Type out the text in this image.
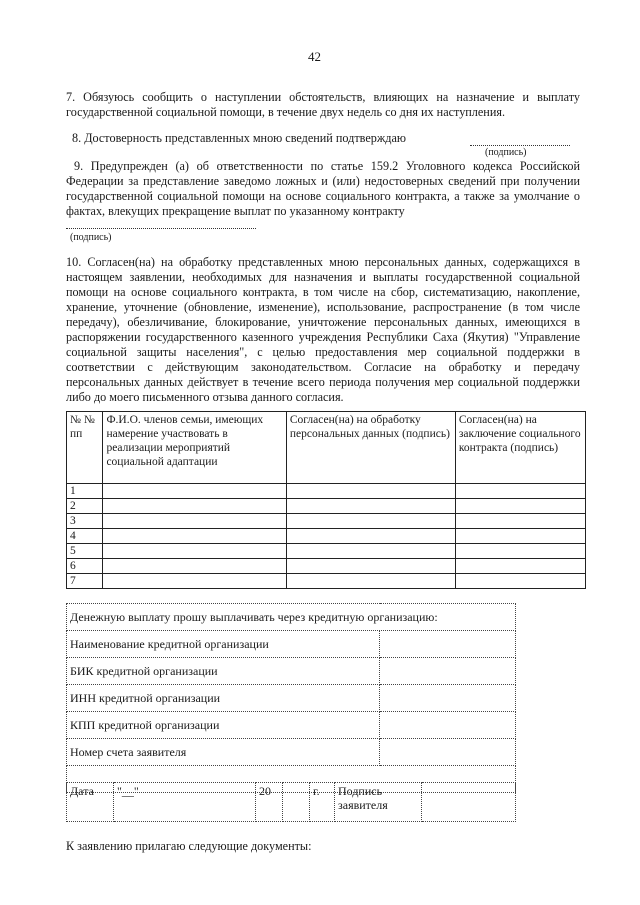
42

7. Обязуюсь сообщить о наступлении обстоятельств, влияющих на назначение и выплату государственной социальной помощи, в течение двух недель со дня их наступления.

8. Достоверность представленных мною сведений подтверждаю
(подпись)

9. Предупрежден (а) об ответственности по статье 159.2 Уголовного кодекса Российской Федерации за представление заведомо ложных и (или) недостоверных сведений при получении государственной социальной помощи на основе социального контракта, а также за умолчание о фактах, влекущих прекращение выплат по указанному контракту

(подпись)

10. Согласен(на) на обработку представленных мною персональных данных, содержащихся в настоящем заявлении, необходимых для назначения и выплаты государственной социальной помощи на основе социального контракта, в том числе на сбор, систематизацию, накопление, хранение, уточнение (обновление, изменение), использование, распространение (в том числе передачу), обезличивание, блокирование, уничтожение персональных данных, имеющихся в распоряжении государственного казенного учреждения Республики Саха (Якутия) "Управление социальной защиты населения", с целью предоставления мер социальной поддержки в соответствии с действующим законодательством. Согласие на обработку и передачу персональных данных действует в течение всего периода получения мер социальной поддержки либо до моего письменного отзыва данного согласия.

№ № пп	Ф.И.О. членов семьи, имеющих намерение участвовать в реализации мероприятий социальной адаптации	Согласен(на) на обработку персональных данных (подпись)	Согласен(на) на заключение социального контракта (подпись)
1			
2			
3			
4			
5			
6			
7			
Денежную выплату прошу выплачивать через кредитную организацию:	
Наименование кредитной организации	
БИК кредитной организации	
ИНН кредитной организации	
КПП кредитной организации	
Номер счета заявителя	

Дата	"__"	20		г.	Подпись заявителя	
К заявлению прилагаю следующие документы:
